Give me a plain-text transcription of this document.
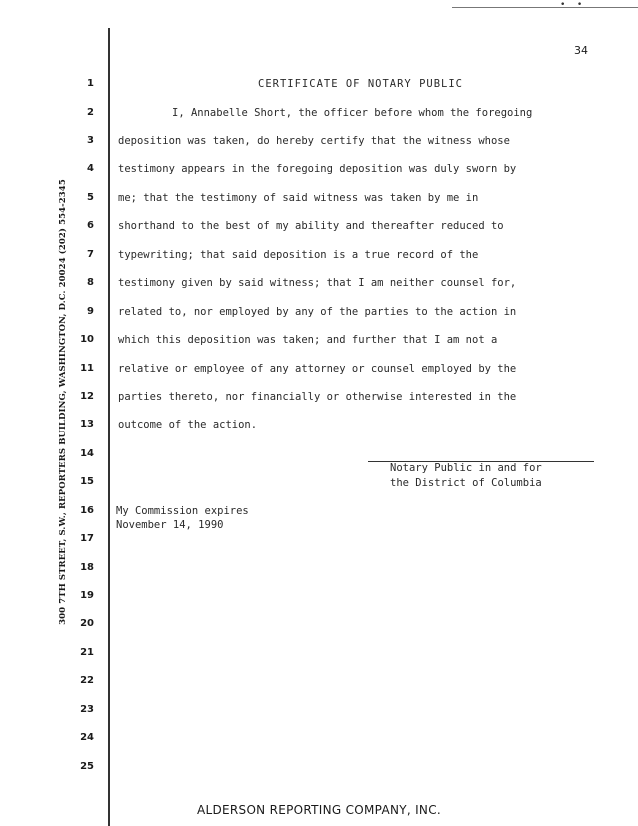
• •
300 7TH STREET, S.W., REPORTERS BUILDING, WASHINGTON, D.C. 20024 (202) 554-2345
34
1
2
3
4
5
6
7
8
9
10
11
12
13
14
15
16
17
18
19
20
21
22
23
24
25
CERTIFICATE OF NOTARY PUBLIC
I, Annabelle Short, the officer before whom the foregoing
deposition was taken, do hereby certify that the witness whose
testimony appears in the foregoing deposition was duly sworn by
me; that the testimony of said witness was taken by me in
shorthand to the best of my ability and thereafter reduced to
typewriting; that said deposition is a true record of the
testimony given by said witness; that I am neither counsel for,
related to, nor employed by any of the parties to the action in
which this deposition was taken; and further that I am not a
relative or employee of any attorney or counsel employed by the
parties thereto, nor financially or otherwise interested in the
outcome of the action.
Notary Public in and for
the District of Columbia
My Commission expires
November 14, 1990
ALDERSON REPORTING COMPANY, INC.
